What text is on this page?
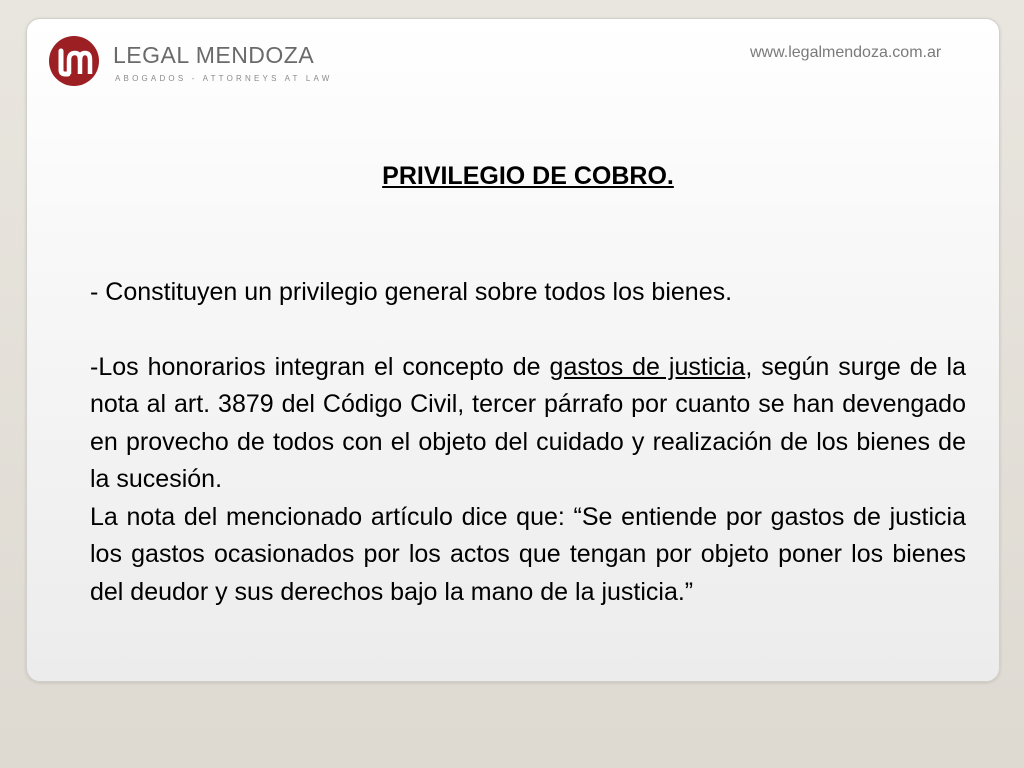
LEGAL MENDOZA
ABOGADOS - ATTORNEYS AT LAW
www.legalmendoza.com.ar
PRIVILEGIO DE COBRO.

- Constituyen un privilegio general sobre todos los bienes.

-Los honorarios integran el concepto de gastos de justicia, según surge de la nota al art. 3879 del Código Civil, tercer párrafo por cuanto se han devengado en provecho de todos con el objeto del cuidado y realización de los bienes de la sucesión.

La nota del mencionado artículo dice que: “Se entiende por gastos de justicia los gastos ocasionados por los actos que tengan por objeto poner los bienes del deudor y sus derechos bajo la mano de la justicia.”
